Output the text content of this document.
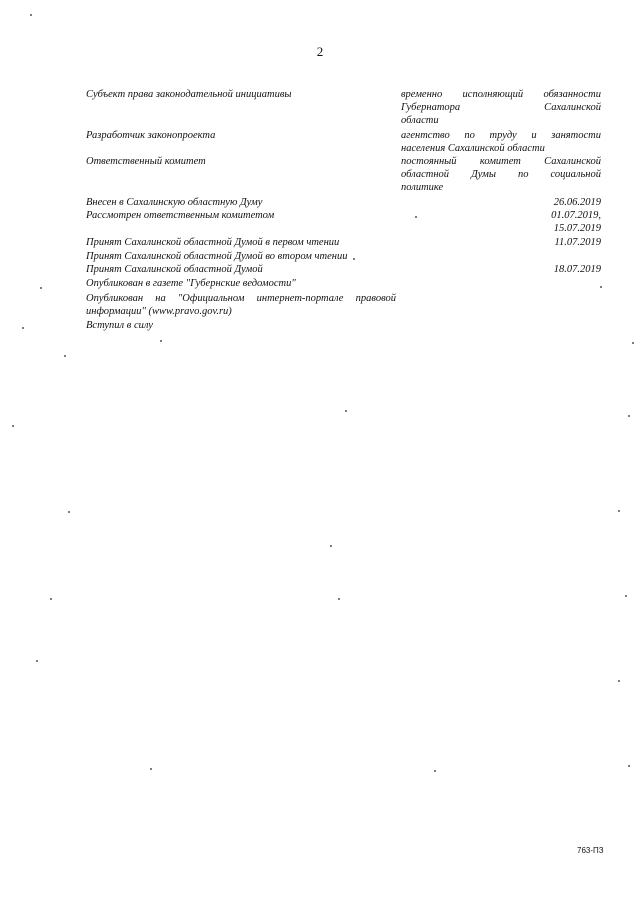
2
Субъект права законодательной инициативы	временно исполняющий обязанности
Губернатора Сахалинской
области
Разработчик законопроекта	агентство по труду и занятости
населения Сахалинской области
Ответственный комитет	постоянный комитет Сахалинской
областной Думы по социальной
политике
Внесен в Сахалинскую областную Думу	26.06.2019
Рассмотрен ответственным комитетом	01.07.2019,
15.07.2019
Принят Сахалинской областной Думой в первом чтении	11.07.2019
Принят Сахалинской областной Думой во втором чтении
Принят Сахалинской областной Думой	18.07.2019
Опубликован в газете "Губернские ведомости"
Опубликован на "Официальном интернет-портале правовой
информации" (www.pravo.gov.ru)
Вступил в силу
763-ПЗ
